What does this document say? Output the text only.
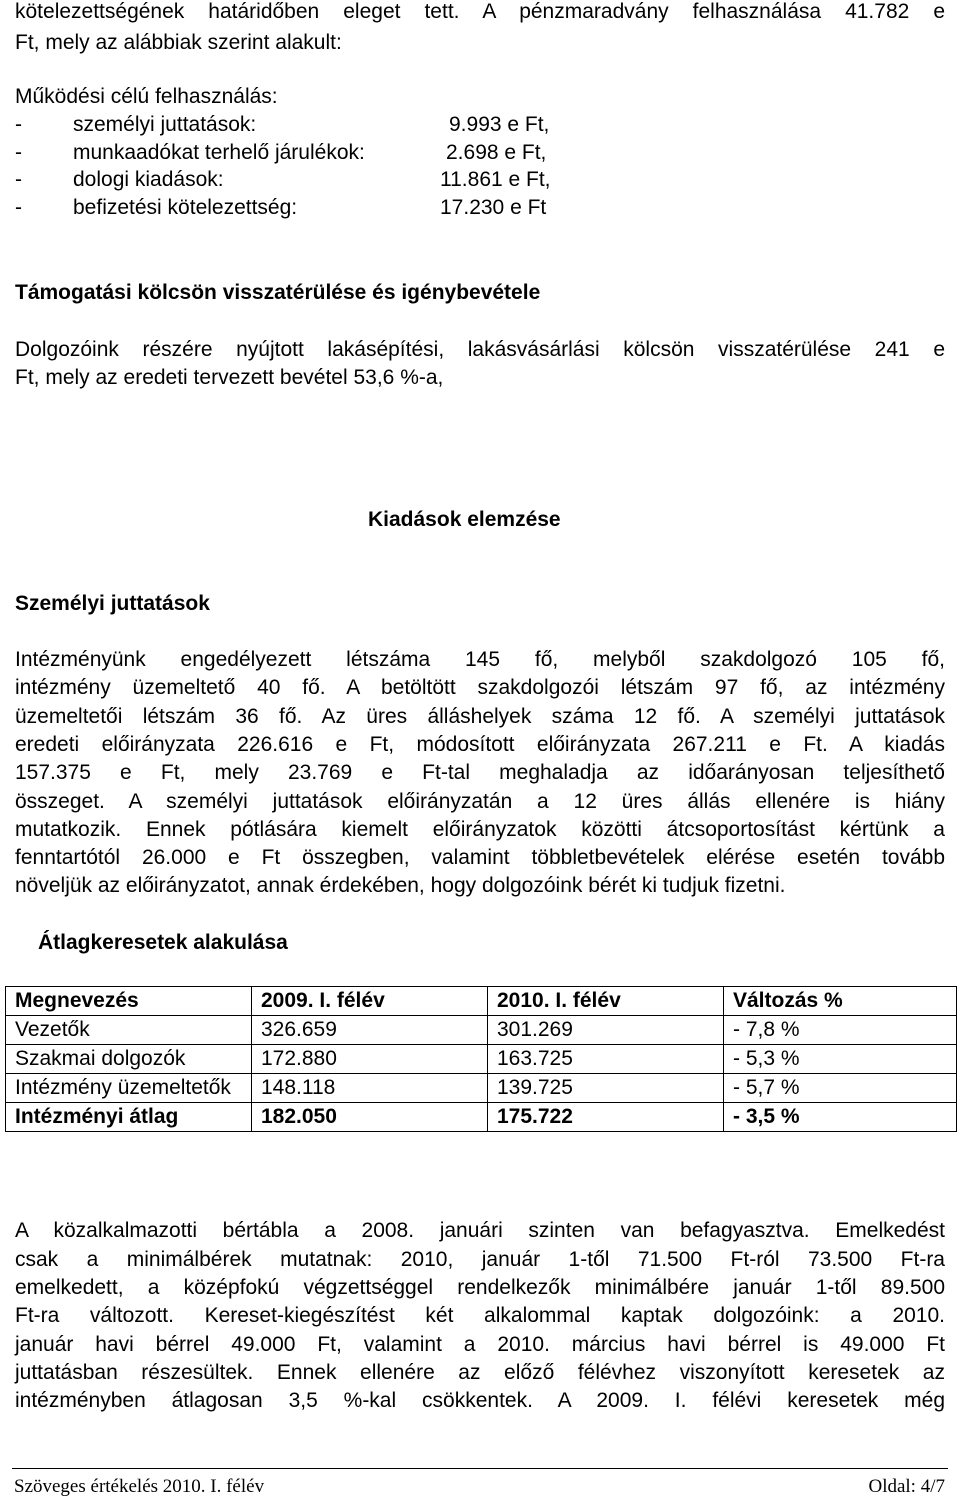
kötelezettségének határidőben eleget tett. A pénzmaradvány felhasználása 41.782 e
Ft, mely az alábbiak szerint alakult:
Működési célú felhasználás:
- személyi juttatások:	9.993 e Ft,
- munkaadókat terhelő járulékok:	2.698 e Ft,
- dologi kiadások:	11.861 e Ft,
- befizetési kötelezettség:	17.230 e Ft
Támogatási kölcsön visszatérülése és igénybevétele
Dolgozóink részére nyújtott lakásépítési, lakásvásárlási kölcsön visszatérülése 241 e
Ft, mely az eredeti tervezett bevétel 53,6 %-a,
Kiadások elemzése
Személyi juttatások
Intézményünk engedélyezett létszáma 145 fő, melyből szakdolgozó 105 fő,
intézmény üzemeltető 40 fő. A betöltött szakdolgozói létszám 97 fő, az intézmény
üzemeltetői létszám 36 fő. Az üres álláshelyek száma 12 fő. A személyi juttatások
eredeti előirányzata 226.616 e Ft, módosított előirányzata 267.211 e Ft. A kiadás
157.375 e Ft, mely 23.769 e Ft-tal meghaladja az időarányosan teljesíthető
összeget. A személyi juttatások előirányzatán a 12 üres állás ellenére is hiány
mutatkozik. Ennek pótlására kiemelt előirányzatok közötti átcsoportosítást kértünk a
fenntartótól 26.000 e Ft összegben, valamint többletbevételek elérése esetén tovább
növeljük az előirányzatot, annak érdekében, hogy dolgozóink bérét ki tudjuk fizetni.
Átlagkeresetek alakulása
Megnevezés	2009. I. félév	2010. I. félév	Változás %
Vezetők	326.659	301.269	- 7,8 %
Szakmai dolgozók	172.880	163.725	- 5,3 %
Intézmény üzemeltetők	148.118	139.725	- 5,7 %
Intézményi átlag	182.050	175.722	- 3,5 %
A közalkalmazotti bértábla a 2008. januári szinten van befagyasztva. Emelkedést
csak a minimálbérek mutatnak: 2010, január 1-től 71.500 Ft-ról 73.500 Ft-ra
emelkedett, a középfokú végzettséggel rendelkezők minimálbére január 1-től 89.500
Ft-ra változott. Kereset-kiegészítést két alkalommal kaptak dolgozóink: a 2010.
január havi bérrel 49.000 Ft, valamint a 2010. március havi bérrel is 49.000 Ft
juttatásban részesültek. Ennek ellenére az előző félévhez viszonyított keresetek az
intézményben átlagosan 3,5 %-kal csökkentek. A 2009. I. félévi keresetek még
Szöveges értékelés 2010. I. félév	Oldal: 4/7
